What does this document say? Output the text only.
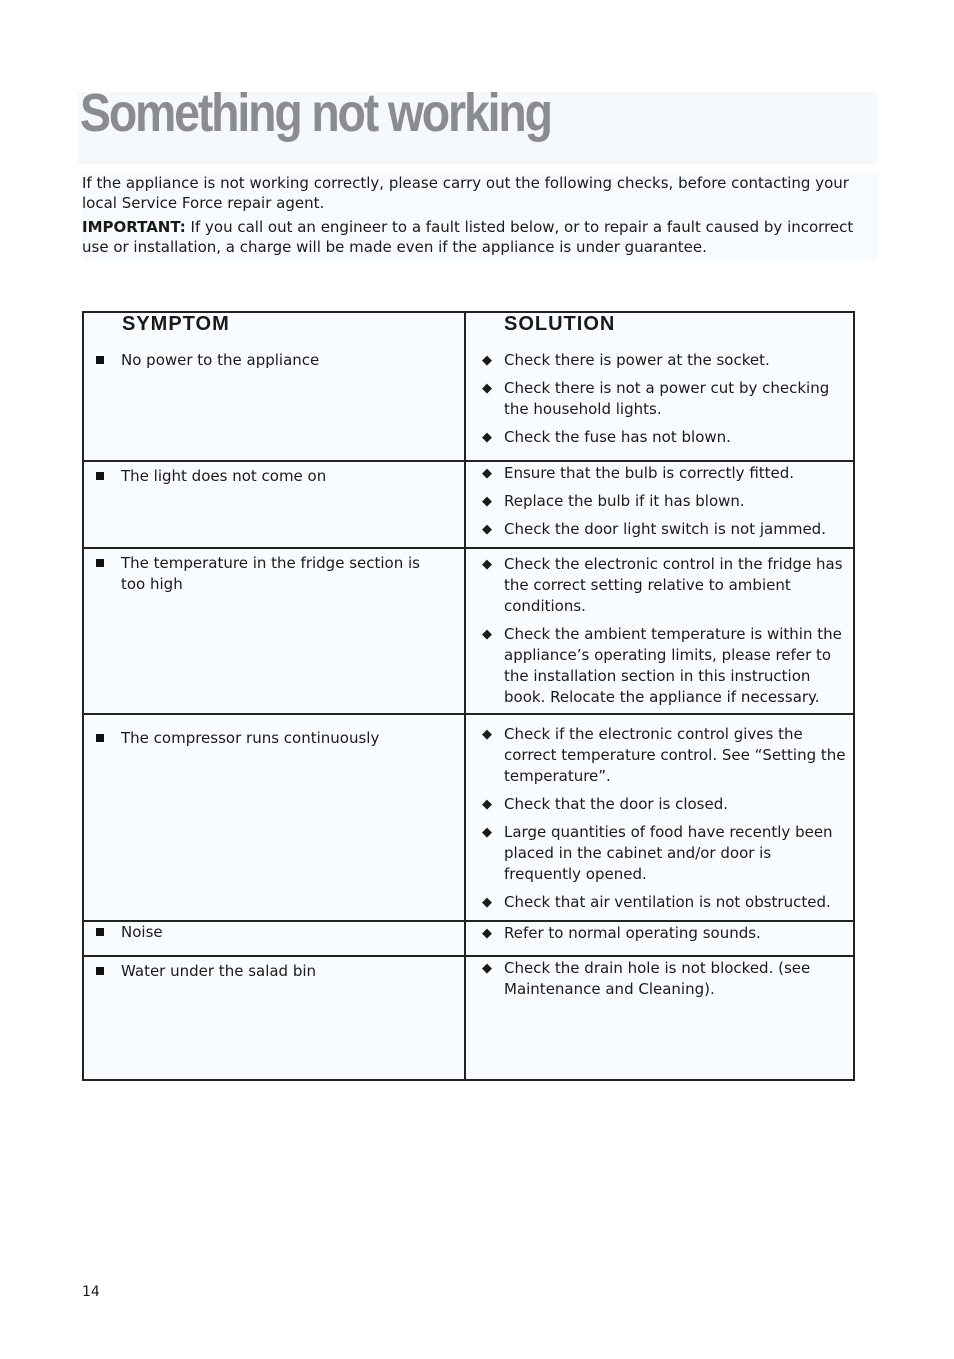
Something not working

If the appliance is not working correctly, please carry out the following checks, before contacting your local Service Force repair agent.

IMPORTANT: If you call out an engineer to a fault listed below, or to repair a fault caused by incorrect use or installation, a charge will be made even if the appliance is under guarantee.

SYMPTOM	SOLUTION
No power to the appliance	◆ Check there is power at the socket.
◆ Check there is not a power cut by checking the household lights.
◆ Check the fuse has not blown.
The light does not come on	◆ Ensure that the bulb is correctly fitted.
◆ Replace the bulb if it has blown.
◆ Check the door light switch is not jammed.
The temperature in the fridge section is too high
◆ Check the electronic control in the fridge has the correct setting relative to ambient conditions.
◆ Check the ambient temperature is within the appliance’s operating limits, please refer to the installation section in this instruction book. Relocate the appliance if necessary.
The compressor runs continuously	◆ Check if the electronic control gives the correct temperature control. See “Setting the temperature”.
◆ Check that the door is closed.
◆ Large quantities of food have recently been placed in the cabinet and/or door is frequently opened.
◆ Check that air ventilation is not obstructed.
Noise	◆ Refer to normal operating sounds.
Water under the salad bin	◆ Check the drain hole is not blocked. (see Maintenance and Cleaning).
14
